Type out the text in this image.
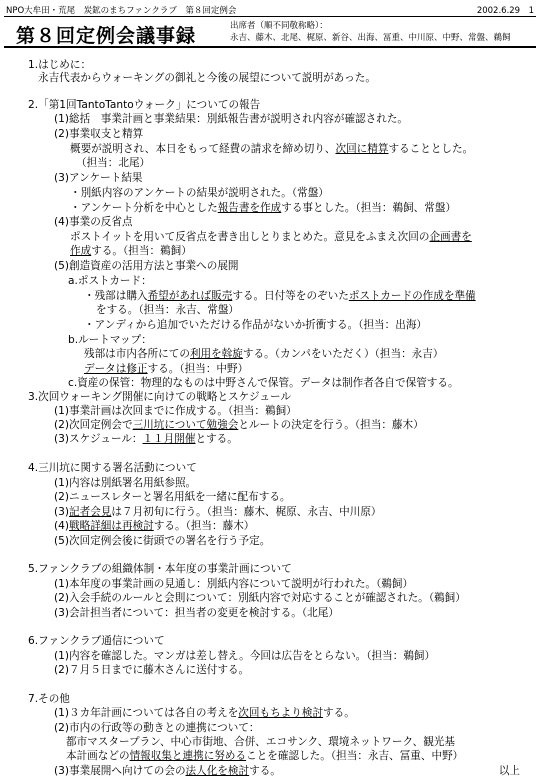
NPO大牟田・荒尾　炭鉱のまちファンクラブ　第８回定例会	2002.6.29　1
第８回定例会議事録	出席者（順不同敬称略）：
永吉、藤木、北尾、梶原、新谷、出海、冨重、中川原、中野、常盤、鵜飼
1.はじめに：
永吉代表からウォーキングの御礼と今後の展望について説明があった。
2.「第1回TantoTantoウォーク」についての報告
(1)総括　事業計画と事業結果：別紙報告書が説明され内容が確認された。
(2)事業収支と精算
概要が説明され、本日をもって経費の請求を締め切り、次回に精算することとした。
（担当：北尾）
(3)アンケート結果
・別紙内容のアンケートの結果が説明された。（常盤）
・アンケート分析を中心とした報告書を作成する事とした。（担当：鵜飼、常盤）
(4)事業の反省点
ポストイットを用いて反省点を書き出しとりまとめた。意見をふまえ次回の企画書を
作成する。（担当：鵜飼）
(5)創造資産の活用方法と事業への展開
a.ポストカード：
・残部は購入希望があれば販売する。日付等をのぞいたポストカードの作成を準備
をする。（担当：永吉、常盤）
・アンディから追加でいただける作品がないか折衝する。（担当：出海）
b.ルートマップ：
残部は市内各所にての利用を斡旋する。（カンパをいただく）（担当：永吉）
データは修正する。（担当：中野）
c.資産の保管：物理的なものは中野さんで保管。データは制作者各自で保管する。
3.次回ウォーキング開催に向けての戦略とスケジュール
(1)事業計画は次回までに作成する。（担当：鵜飼）
(2)次回定例会で三川坑について勉強会とルートの決定を行う。（担当：藤木）
(3)スケジュール：１１月開催とする。
4.三川坑に関する署名活動について
(1)内容は別紙署名用紙参照。
(2)ニュースレターと署名用紙を一緒に配布する。
(3)記者会見は７月初旬に行う。（担当：藤木、梶原、永吉、中川原）
(4)戦略詳細は再検討する。（担当：藤木）
(5)次回定例会後に街頭での署名を行う予定。
5.ファンクラブの組織体制・本年度の事業計画について
(1)本年度の事業計画の見通し：別紙内容について説明が行われた。（鵜飼）
(2)入会手続のルールと会則について：別紙内容で対応することが確認された。（鵜飼）
(3)会計担当者について：担当者の変更を検討する。（北尾）
6.ファンクラブ通信について
(1)内容を確認した。マンガは差し替え。今回は広告をとらない。（担当：鵜飼）
(2)７月５日までに藤木さんに送付する。
7.その他
(1)３カ年計画については各自の考えを次回もちより検討する。
(2)市内の行政等の動きとの連携について：
都市マスタープラン、中心市街地、合併、エコサンク、環境ネットワーク、観光基
本計画などの情報収集と連携に努めることを確認した。（担当：永吉、冨重、中野）
(3)事業展開へ向けての会の法人化を検討する。	以上
